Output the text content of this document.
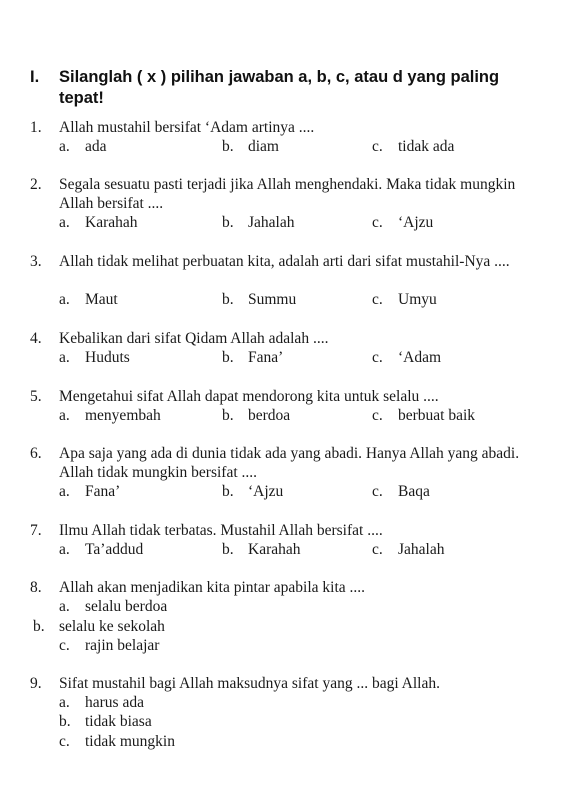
I. Silanglah ( x ) pilihan jawaban a, b, c, atau d yang paling tepat!
1. Allah mustahil bersifat ‘Adam artinya ....
a. ada	b. diam	c. tidak ada
2. Segala sesuatu pasti terjadi jika Allah menghendaki. Maka tidak mungkin Allah bersifat ....
a. Karahah	b. Jahalah	c. ‘Ajzu
3. Allah tidak melihat perbuatan kita, adalah arti dari sifat mustahil-Nya ....
a. Maut	b. Summu	c. Umyu
4. Kebalikan dari sifat Qidam Allah adalah ....
a. Huduts	b. Fana’	c. ‘Adam
5. Mengetahui sifat Allah dapat mendorong kita untuk selalu ....
a. menyembah	b. berdoa	c. berbuat baik
6. Apa saja yang ada di dunia tidak ada yang abadi. Hanya Allah yang abadi. Allah tidak mungkin bersifat ....
a. Fana’	b. ‘Ajzu	c. Baqa
7. Ilmu Allah tidak terbatas. Mustahil Allah bersifat ....
a. Ta’addud	b. Karahah	c. Jahalah
8. Allah akan menjadikan kita pintar apabila kita ....
a. selalu berdoa
b. selalu ke sekolah
c. rajin belajar
9. Sifat mustahil bagi Allah maksudnya sifat yang ... bagi Allah.
a. harus ada
b. tidak biasa
c. tidak mungkin
